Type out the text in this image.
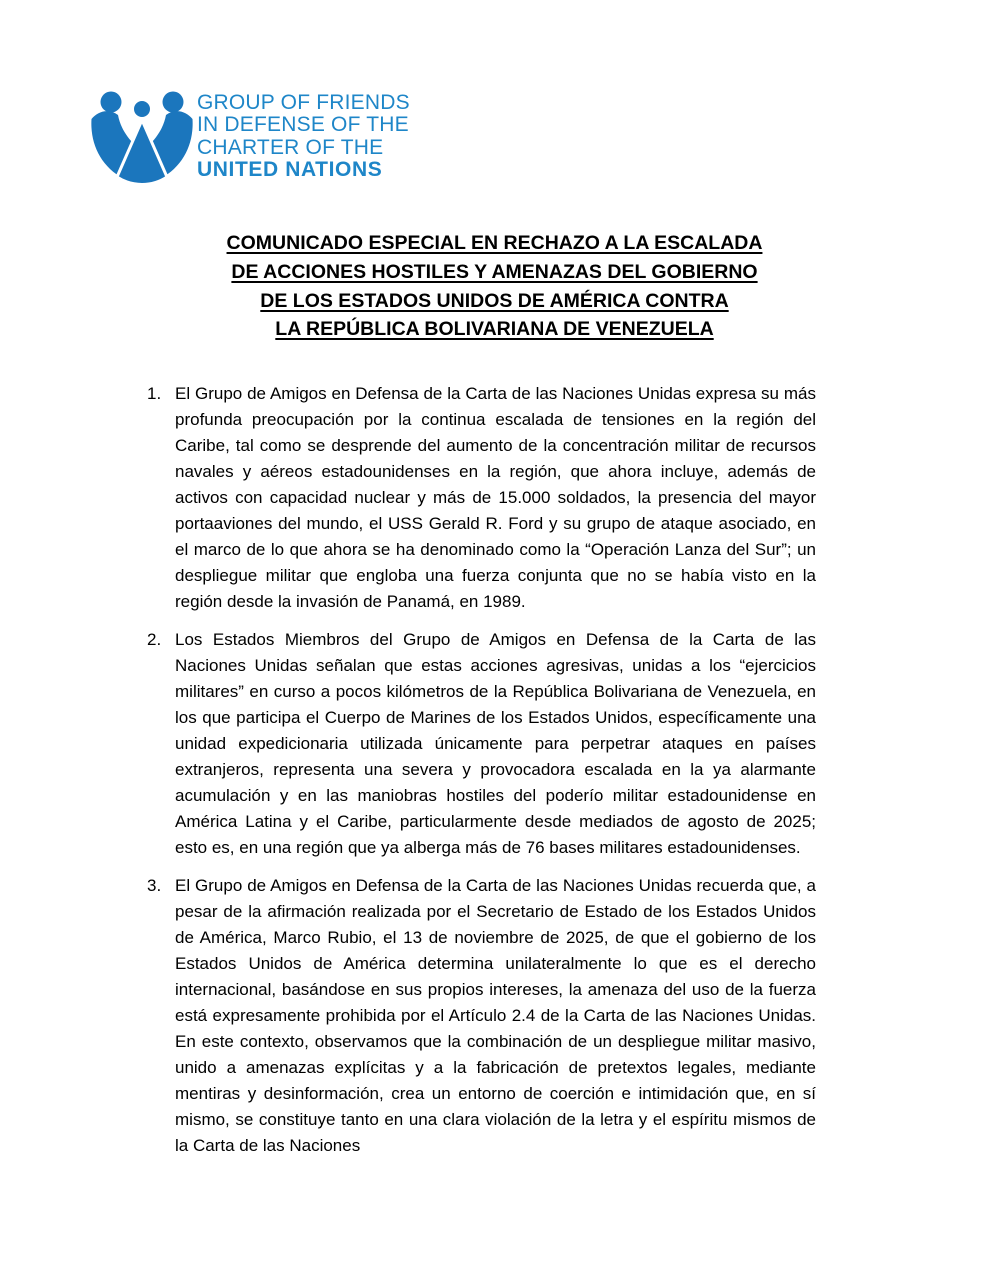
GROUP OF FRIENDS
IN DEFENSE OF THE
CHARTER OF THE
UNITED NATIONS
COMUNICADO ESPECIAL EN RECHAZO A LA ESCALADA
DE ACCIONES HOSTILES Y AMENAZAS DEL GOBIERNO
DE LOS ESTADOS UNIDOS DE AMÉRICA CONTRA
LA REPÚBLICA BOLIVARIANA DE VENEZUELA
1. El Grupo de Amigos en Defensa de la Carta de las Naciones Unidas expresa su más profunda preocupación por la continua escalada de tensiones en la región del Caribe, tal como se desprende del aumento de la concentración militar de recursos navales y aéreos estadounidenses en la región, que ahora incluye, además de activos con capacidad nuclear y más de 15.000 soldados, la presencia del mayor portaaviones del mundo, el USS Gerald R. Ford y su grupo de ataque asociado, en el marco de lo que ahora se ha denominado como la “Operación Lanza del Sur”; un despliegue militar que engloba una fuerza conjunta que no se había visto en la región desde la invasión de Panamá, en 1989.
2. Los Estados Miembros del Grupo de Amigos en Defensa de la Carta de las Naciones Unidas señalan que estas acciones agresivas, unidas a los “ejercicios militares” en curso a pocos kilómetros de la República Bolivariana de Venezuela, en los que participa el Cuerpo de Marines de los Estados Unidos, específicamente una unidad expedicionaria utilizada únicamente para perpetrar ataques en países extranjeros, representa una severa y provocadora escalada en la ya alarmante acumulación y en las maniobras hostiles del poderío militar estadounidense en América Latina y el Caribe, particularmente desde mediados de agosto de 2025; esto es, en una región que ya alberga más de 76 bases militares estadounidenses.
3. El Grupo de Amigos en Defensa de la Carta de las Naciones Unidas recuerda que, a pesar de la afirmación realizada por el Secretario de Estado de los Estados Unidos de América, Marco Rubio, el 13 de noviembre de 2025, de que el gobierno de los Estados Unidos de América determina unilateralmente lo que es el derecho internacional, basándose en sus propios intereses, la amenaza del uso de la fuerza está expresamente prohibida por el Artículo 2.4 de la Carta de las Naciones Unidas. En este contexto, observamos que la combinación de un despliegue militar masivo, unido a amenazas explícitas y a la fabricación de pretextos legales, mediante mentiras y desinformación, crea un entorno de coerción e intimidación que, en sí mismo, se constituye tanto en una clara violación de la letra y el espíritu mismos de la Carta de las Naciones
